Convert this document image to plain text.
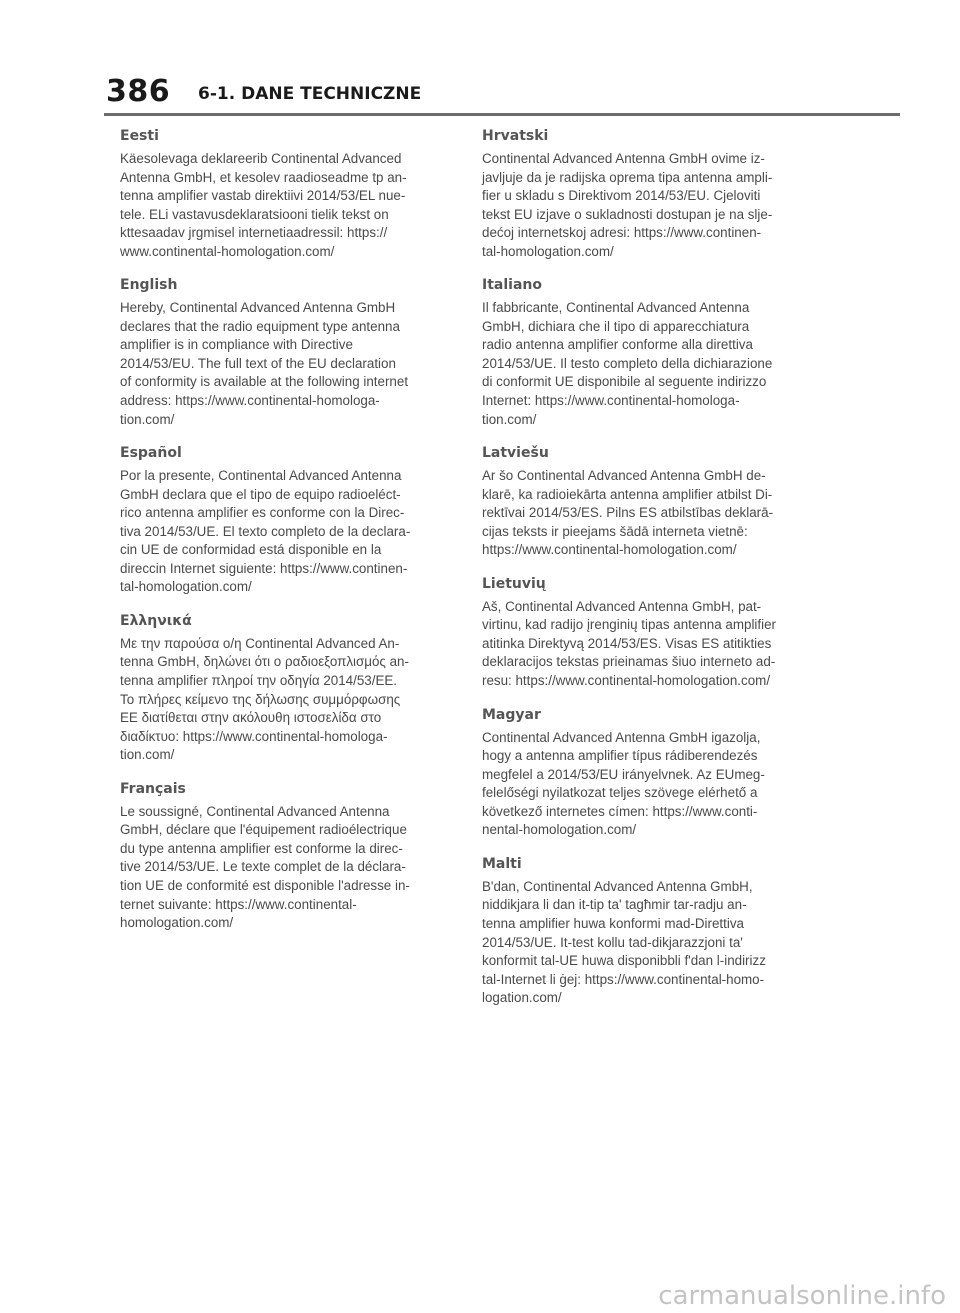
386 6-1. DANE TECHNICZNE
Eesti
Käesolevaga deklareerib Continental Advanced
Antenna GmbH, et kesolev raadioseadme tp an-
tenna amplifier vastab direktiivi 2014/53/EL nue-
tele. ELi vastavusdeklaratsiooni tielik tekst on
kttesaadav jrgmisel internetiaadressil: https://
www.continental-homologation.com/
English
Hereby, Continental Advanced Antenna GmbH
declares that the radio equipment type antenna
amplifier is in compliance with Directive
2014/53/EU. The full text of the EU declaration
of conformity is available at the following internet
address: https://www.continental-homologa-
tion.com/
Español
Por la presente, Continental Advanced Antenna
GmbH declara que el tipo de equipo radioeléct-
rico antenna amplifier es conforme con la Direc-
tiva 2014/53/UE. El texto completo de la declara-
cin UE de conformidad está disponible en la
direccin Internet siguiente: https://www.continen-
tal-homologation.com/
Ελληνικά
Με την παρούσα ο/η Continental Advanced An-
tenna GmbH, δηλώνει ότι ο ραδιοεξοπλισμός an-
tenna amplifier πληροί την οδηγία 2014/53/ΕΕ.
Το πλήρες κείμενο της δήλωσης συμμόρφωσης
ΕΕ διατίθεται στην ακόλουθη ιστοσελίδα στο
διαδίκτυο: https://www.continental-homologa-
tion.com/
Français
Le soussigné, Continental Advanced Antenna
GmbH, déclare que l'équipement radioélectrique
du type antenna amplifier est conforme la direc-
tive 2014/53/UE. Le texte complet de la déclara-
tion UE de conformité est disponible l'adresse in-
ternet suivante: https://www.continental-
homologation.com/
Hrvatski
Continental Advanced Antenna GmbH ovime iz-
javljuje da je radijska oprema tipa antenna ampli-
fier u skladu s Direktivom 2014/53/EU. Cjeloviti
tekst EU izjave o sukladnosti dostupan je na slje-
dećoj internetskoj adresi: https://www.continen-
tal-homologation.com/
Italiano
Il fabbricante, Continental Advanced Antenna
GmbH, dichiara che il tipo di apparecchiatura
radio antenna amplifier conforme alla direttiva
2014/53/UE. Il testo completo della dichiarazione
di conformit UE disponibile al seguente indirizzo
Internet: https://www.continental-homologa-
tion.com/
Latviešu
Ar šo Continental Advanced Antenna GmbH de-
klarē, ka radioiekārta antenna amplifier atbilst Di-
rektīvai 2014/53/ES. Pilns ES atbilstības deklarā-
cijas teksts ir pieejams šādā interneta vietnē:
https://www.continental-homologation.com/
Lietuvių
Aš, Continental Advanced Antenna GmbH, pat-
virtinu, kad radijo įrenginių tipas antenna amplifier
atitinka Direktyvą 2014/53/ES. Visas ES atitikties
deklaracijos tekstas prieinamas šiuo interneto ad-
resu: https://www.continental-homologation.com/
Magyar
Continental Advanced Antenna GmbH igazolja,
hogy a antenna amplifier típus rádiberendezés
megfelel a 2014/53/EU irányelvnek. Az EUmeg-
felelőségi nyilatkozat teljes szövege elérhető a
következő internetes címen: https://www.conti-
nental-homologation.com/
Malti
B'dan, Continental Advanced Antenna GmbH,
niddikjara li dan it-tip ta' tagħmir tar-radju an-
tenna amplifier huwa konformi mad-Direttiva
2014/53/UE. It-test kollu tad-dikjarazzjoni ta'
konformit tal-UE huwa disponibbli f'dan l-indirizz
tal-Internet li ġej: https://www.continental-homo-
logation.com/
carmanualsonline.info
